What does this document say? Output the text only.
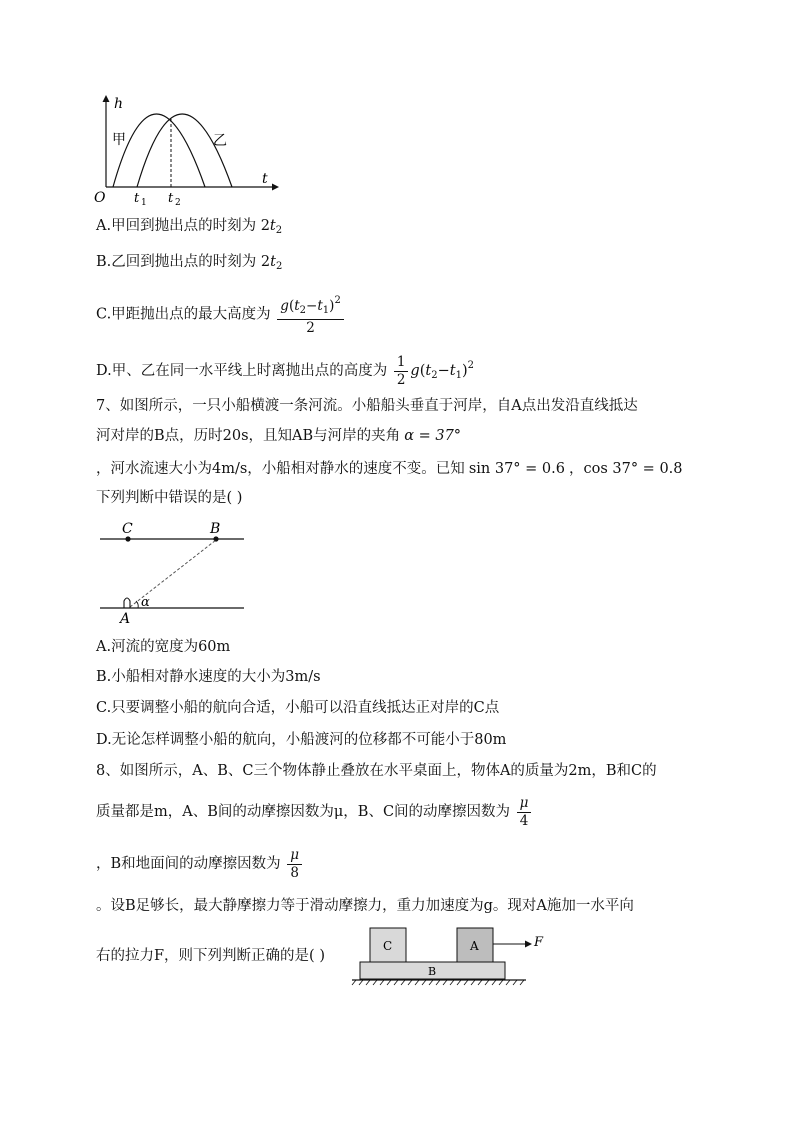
h
t
O
甲	乙
t 1 t 2
A.甲回到抛出点的时刻为 $2t_2$
B.乙回到抛出点的时刻为 $2t_2$
C.甲距抛出点的最大高度为 $\frac{g(t_2-t_1)^2}{2}$
D.甲、乙在同一水平线上时离抛出点的高度为 $\frac{1}{2} g(t_2-t_1)^2$
7、如图所示，一只小船横渡一条河流。小船船头垂直于河岸，自A点出发沿直线抵达
河对岸的B点，历时20s，且知AB与河岸的夹角 α = 37°
，河水流速大小为4m/s，小船相对静水的速度不变。已知 sin 37° = 0.6 ，cos 37° = 0.8
下列判断中错误的是( )
C	B
A
α
A.河流的宽度为60m
B.小船相对静水速度的大小为3m/s
C.只要调整小船的航向合适，小船可以沿直线抵达正对岸的C点
D.无论怎样调整小船的航向，小船渡河的位移都不可能小于80m
8、如图所示，A、B、C三个物体静止叠放在水平桌面上，物体A的质量为2m，B和C的
质量都是m，A、B间的动摩擦因数为μ，B、C间的动摩擦因数为 $\frac{\mu}{4}$
，B和地面间的动摩擦因数为 $\frac{\mu}{8}$
。设B足够长，最大静摩擦力等于滑动摩擦力，重力加速度为g。现对A施加一水平向
右的拉力F，则下列判断正确的是( )
C	A
B
F
